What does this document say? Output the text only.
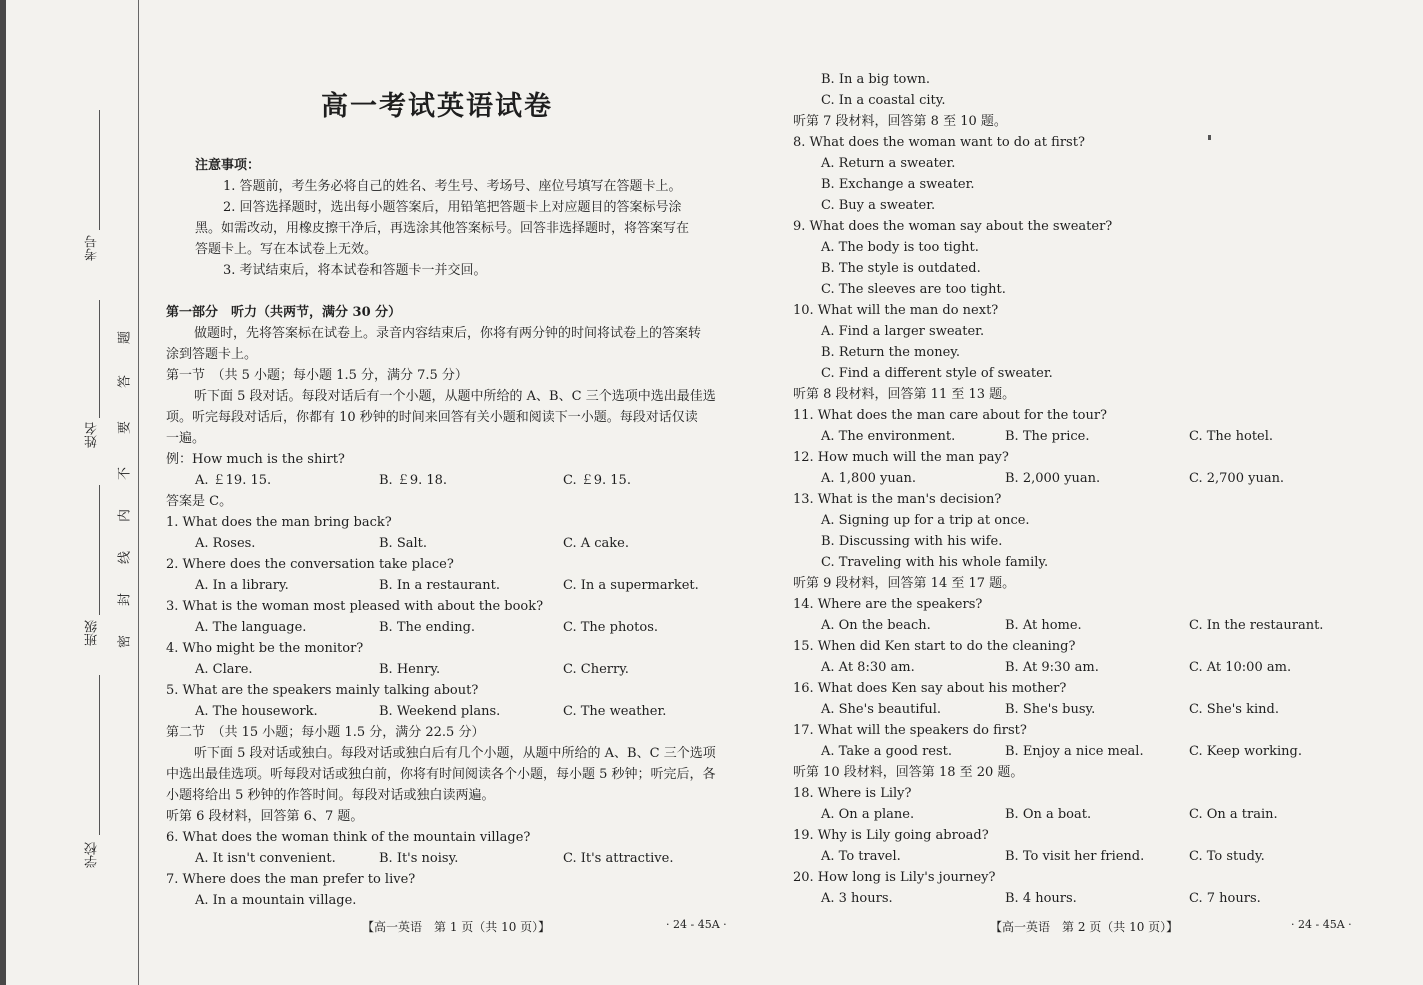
考号
姓名
班级
学校
密
封
线
内
不
要
答
题
高一考试英语试卷
注意事项：
1. 答题前，考生务必将自己的姓名、考生号、考场号、座位号填写在答题卡上。
2. 回答选择题时，选出每小题答案后，用铅笔把答题卡上对应题目的答案标号涂
黑。如需改动，用橡皮擦干净后，再选涂其他答案标号。回答非选择题时，将答案写在
答题卡上。写在本试卷上无效。
3. 考试结束后，将本试卷和答题卡一并交回。
第一部分　听力（共两节，满分 30 分）
做题时，先将答案标在试卷上。录音内容结束后，你将有两分钟的时间将试卷上的答案转
涂到答题卡上。
第一节　（共 5 小题；每小题 1.5 分，满分 7.5 分）
听下面 5 段对话。每段对话后有一个小题，从题中所给的 A、B、C 三个选项中选出最佳选
项。听完每段对话后，你都有 10 秒钟的时间来回答有关小题和阅读下一小题。每段对话仅读
一遍。
例：How much is the shirt?
A. ￡19. 15.	B. ￡9. 18.	C. ￡9. 15.
答案是 C。
1. What does the man bring back?
A. Roses.	B. Salt.	C. A cake.
2. Where does the conversation take place?
A. In a library.	B. In a restaurant.	C. In a supermarket.
3. What is the woman most pleased with about the book?
A. The language.	B. The ending.	C. The photos.
4. Who might be the monitor?
A. Clare.	B. Henry.	C. Cherry.
5. What are the speakers mainly talking about?
A. The housework.	B. Weekend plans.	C. The weather.
第二节　（共 15 小题；每小题 1.5 分，满分 22.5 分）
听下面 5 段对话或独白。每段对话或独白后有几个小题，从题中所给的 A、B、C 三个选项
中选出最佳选项。听每段对话或独白前，你将有时间阅读各个小题，每小题 5 秒钟；听完后，各
小题将给出 5 秒钟的作答时间。每段对话或独白读两遍。
听第 6 段材料，回答第 6、7 题。
6. What does the woman think of the mountain village?
A. It isn't convenient.	B. It's noisy.	C. It's attractive.
7. Where does the man prefer to live?
A. In a mountain village.
【高一英语　第 1 页（共 10 页）】	· 24 - 45A ·
B. In a big town.
C. In a coastal city.
听第 7 段材料，回答第 8 至 10 题。
8. What does the woman want to do at first?
A. Return a sweater.
B. Exchange a sweater.
C. Buy a sweater.
9. What does the woman say about the sweater?
A. The body is too tight.
B. The style is outdated.
C. The sleeves are too tight.
10. What will the man do next?
A. Find a larger sweater.
B. Return the money.
C. Find a different style of sweater.
听第 8 段材料，回答第 11 至 13 题。
11. What does the man care about for the tour?
A. The environment.	B. The price.	C. The hotel.
12. How much will the man pay?
A. 1,800 yuan.	B. 2,000 yuan.	C. 2,700 yuan.
13. What is the man's decision?
A. Signing up for a trip at once.
B. Discussing with his wife.
C. Traveling with his whole family.
听第 9 段材料，回答第 14 至 17 题。
14. Where are the speakers?
A. On the beach.	B. At home.	C. In the restaurant.
15. When did Ken start to do the cleaning?
A. At 8:30 am.	B. At 9:30 am.	C. At 10:00 am.
16. What does Ken say about his mother?
A. She's beautiful.	B. She's busy.	C. She's kind.
17. What will the speakers do first?
A. Take a good rest.	B. Enjoy a nice meal.	C. Keep working.
听第 10 段材料，回答第 18 至 20 题。
18. Where is Lily?
A. On a plane.	B. On a boat.	C. On a train.
19. Why is Lily going abroad?
A. To travel.	B. To visit her friend.	C. To study.
20. How long is Lily's journey?
A. 3 hours.	B. 4 hours.	C. 7 hours.
【高一英语　第 2 页（共 10 页）】	· 24 - 45A ·
